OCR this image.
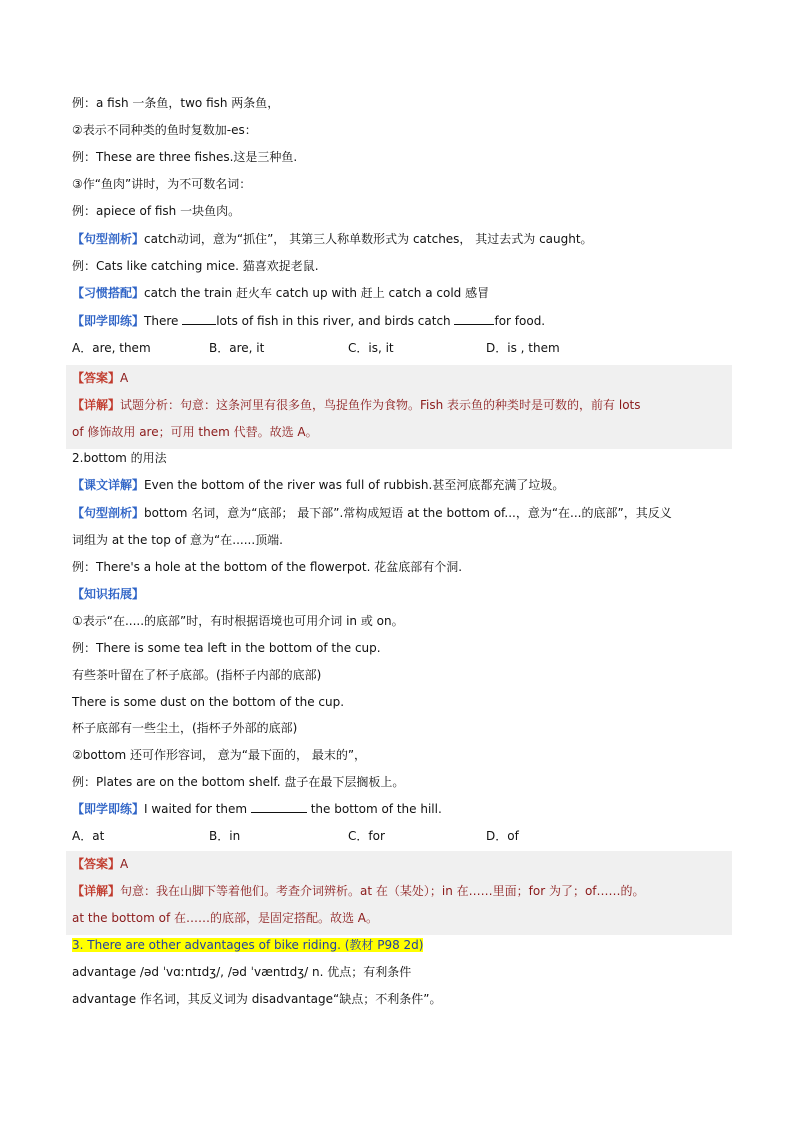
例：a fish 一条鱼，two fish 两条鱼，
②表示不同种类的鱼时复数加-es：
例：These are three fishes.这是三种鱼.
③作“鱼肉”讲时，为不可数名词：
例：apiece of fish 一块鱼肉。
【句型剖析】catch动词，意为“抓住”， 其第三人称单数形式为 catches， 其过去式为 caught。
例：Cats like catching mice. 猫喜欢捉老鼠.
【习惯搭配】catch the train 赶火车 catch up with 赶上 catch a cold 感冒
【即学即练】There	lots of fish in this river, and birds catch	for food.
A．are, them	B．are, it	C．is, it	D．is , them
【答案】A
【详解】试题分析：句意：这条河里有很多鱼，鸟捉鱼作为食物。Fish 表示鱼的种类时是可数的，前有 lots
of 修饰故用 are；可用 them 代替。故选 A。
2.bottom 的用法
【课文详解】Even the bottom of the river was full of rubbish.甚至河底都充满了垃圾。
【句型剖析】bottom 名词，意为“底部； 最下部”.常构成短语 at the bottom of...，意为“在...的底部”，其反义
词组为 at the top of 意为“在......顶端.
例：There's a hole at the bottom of the flowerpot. 花盆底部有个洞.
【知识拓展】
①表示“在.....的底部”时，有时根据语境也可用介词 in 或 on。
例：There is some tea left in the bottom of the cup.
有些茶叶留在了杯子底部。(指杯子内部的底部)
There is some dust on the bottom of the cup.
杯子底部有一些尘土，(指杯子外部的底部)
②bottom 还可作形容词， 意为“最下面的， 最末的”，
例：Plates are on the bottom shelf. 盘子在最下层搁板上。
【即学即练】I waited for them	the bottom of the hill.
A．at	B．in	C．for	D．of
【答案】A
【详解】句意：我在山脚下等着他们。考查介词辨析。at 在（某处）；in 在……里面；for 为了；of……的。
at the bottom of 在……的底部，是固定搭配。故选 A。
3. There are other advantages of bike riding. (教材 P98 2d)
advantage /əd ˈvɑːntɪdʒ/, /əd ˈvæntɪdʒ/ n. 优点；有利条件
advantage 作名词，其反义词为 disadvantage“缺点；不利条件”。
